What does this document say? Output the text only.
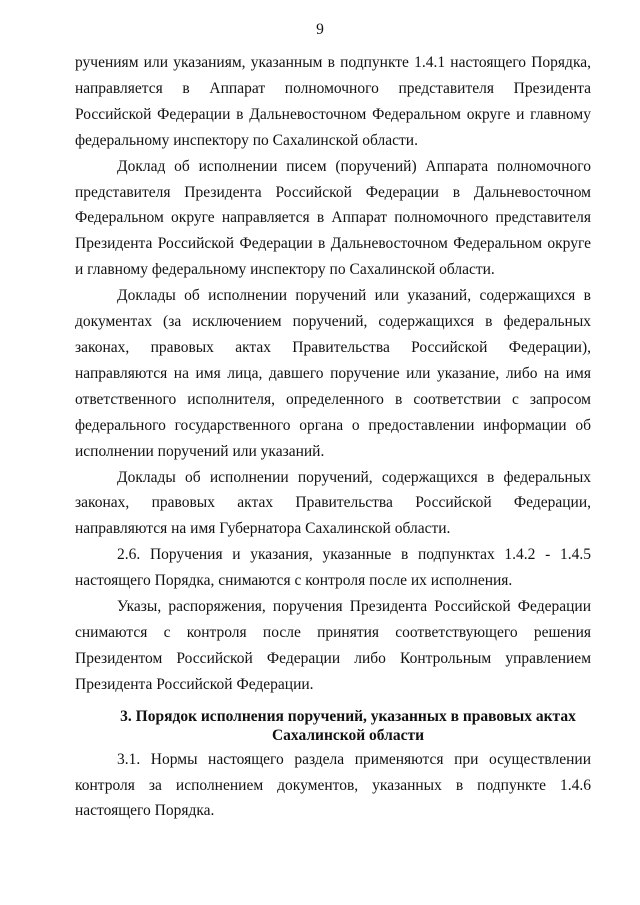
9

ручениям или указаниям, указанным в подпункте 1.4.1 настоящего Порядка, направляется в Аппарат полномочного представителя Президента Российской Федерации в Дальневосточном Федеральном округе и главному федеральному инспектору по Сахалинской области.

Доклад об исполнении писем (поручений) Аппарата полномочного представителя Президента Российской Федерации в Дальневосточном Федеральном округе направляется в Аппарат полномочного представителя Президента Российской Федерации в Дальневосточном Федеральном округе и главному федеральному инспектору по Сахалинской области.

Доклады об исполнении поручений или указаний, содержащихся в документах (за исключением поручений, содержащихся в федеральных законах, правовых актах Правительства Российской Федерации), направляются на имя лица, давшего поручение или указание, либо на имя ответственного исполнителя, определенного в соответствии с запросом федерального государственного органа о предоставлении информации об исполнении поручений или указаний.

Доклады об исполнении поручений, содержащихся в федеральных законах, правовых актах Правительства Российской Федерации, направляются на имя Губернатора Сахалинской области.

2.6. Поручения и указания, указанные в подпунктах 1.4.2 - 1.4.5 настоящего Порядка, снимаются с контроля после их исполнения.

Указы, распоряжения, поручения Президента Российской Федерации снимаются с контроля после принятия соответствующего решения Президентом Российской Федерации либо Контрольным управлением Президента Российской Федерации.

3. Порядок исполнения поручений, указанных в правовых актах
Сахалинской области

3.1. Нормы настоящего раздела применяются при осуществлении контроля за исполнением документов, указанных в подпункте 1.4.6 настоящего Порядка.
